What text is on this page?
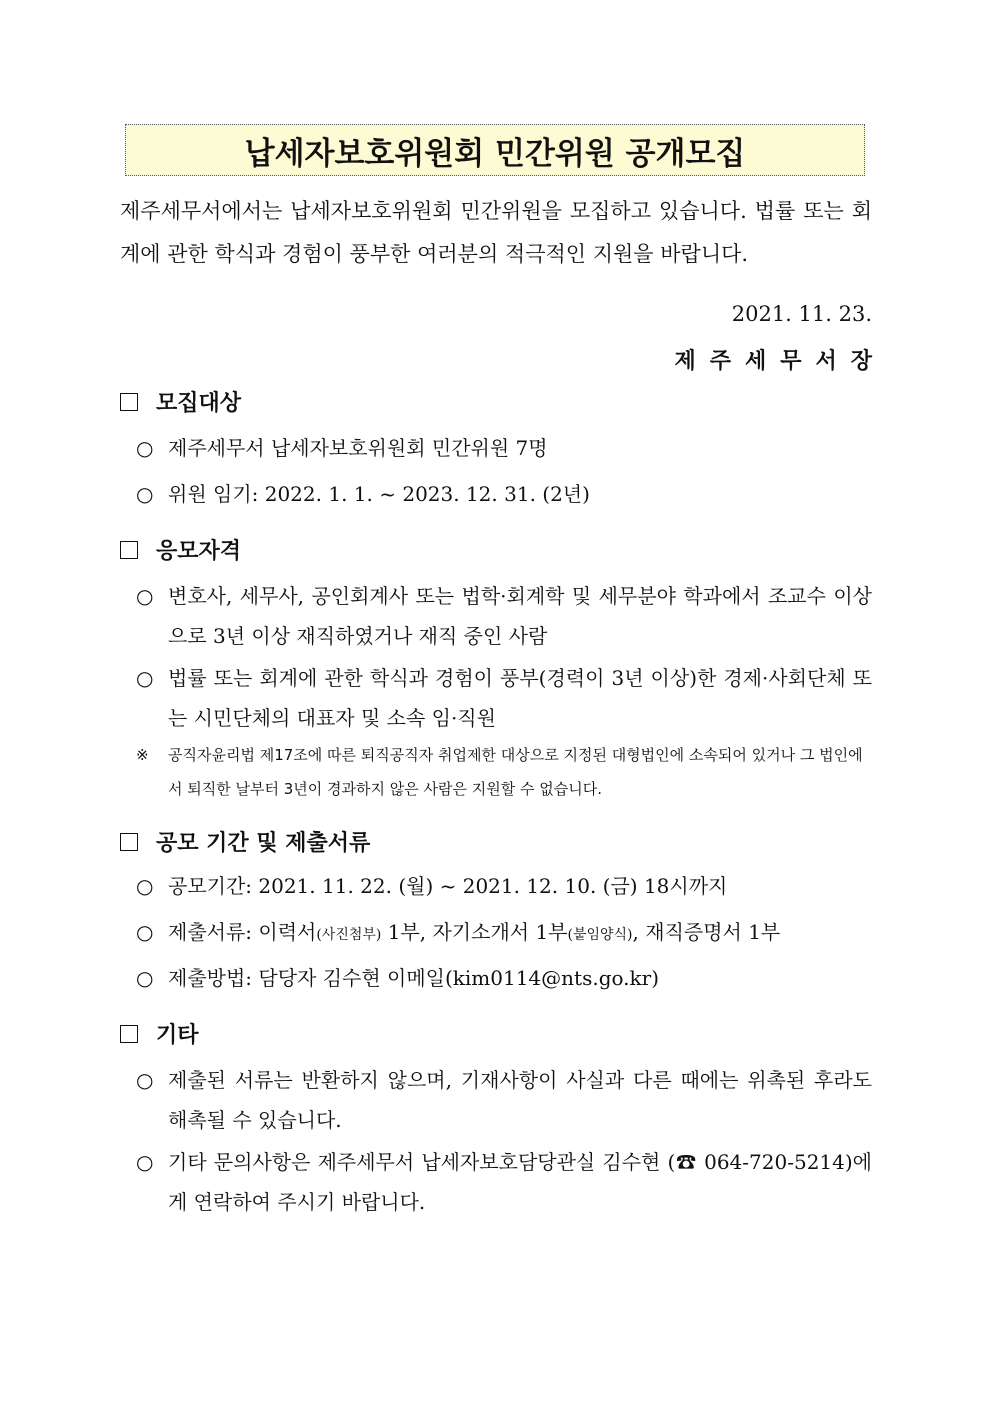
납세자보호위원회 민간위원 공개모집
제주세무서에서는 납세자보호위원회 민간위원을 모집하고 있습니다. 법률 또는 회계에 관한 학식과 경험이 풍부한 여러분의 적극적인 지원을 바랍니다.
2021. 11. 23.
제주세무서장
모집대상
○ 제주세무서 납세자보호위원회 민간위원 7명
○ 위원 임기: 2022. 1. 1. ~ 2023. 12. 31. (2년)
응모자격
○ 변호사, 세무사, 공인회계사 또는 법학·회계학 및 세무분야 학과에서 조교수 이상으로 3년 이상 재직하였거나 재직 중인 사람
○ 법률 또는 회계에 관한 학식과 경험이 풍부(경력이 3년 이상)한 경제·사회단체 또는 시민단체의 대표자 및 소속 임·직원
※ 공직자윤리법 제17조에 따른 퇴직공직자 취업제한 대상으로 지정된 대형법인에 소속되어 있거나 그 법인에서 퇴직한 날부터 3년이 경과하지 않은 사람은 지원할 수 없습니다.
공모 기간 및 제출서류
○ 공모기간: 2021. 11. 22. (월) ~ 2021. 12. 10. (금) 18시까지
○ 제출서류: 이력서(사진첨부) 1부, 자기소개서 1부(붙임양식), 재직증명서 1부
○ 제출방법: 담당자 김수현 이메일(kim0114@nts.go.kr)
기타
○ 제출된 서류는 반환하지 않으며, 기재사항이 사실과 다른 때에는 위촉된 후라도 해촉될 수 있습니다.
○ 기타 문의사항은 제주세무서 납세자보호담당관실 김수현 (☎ 064-720-5214)에게 연락하여 주시기 바랍니다.
